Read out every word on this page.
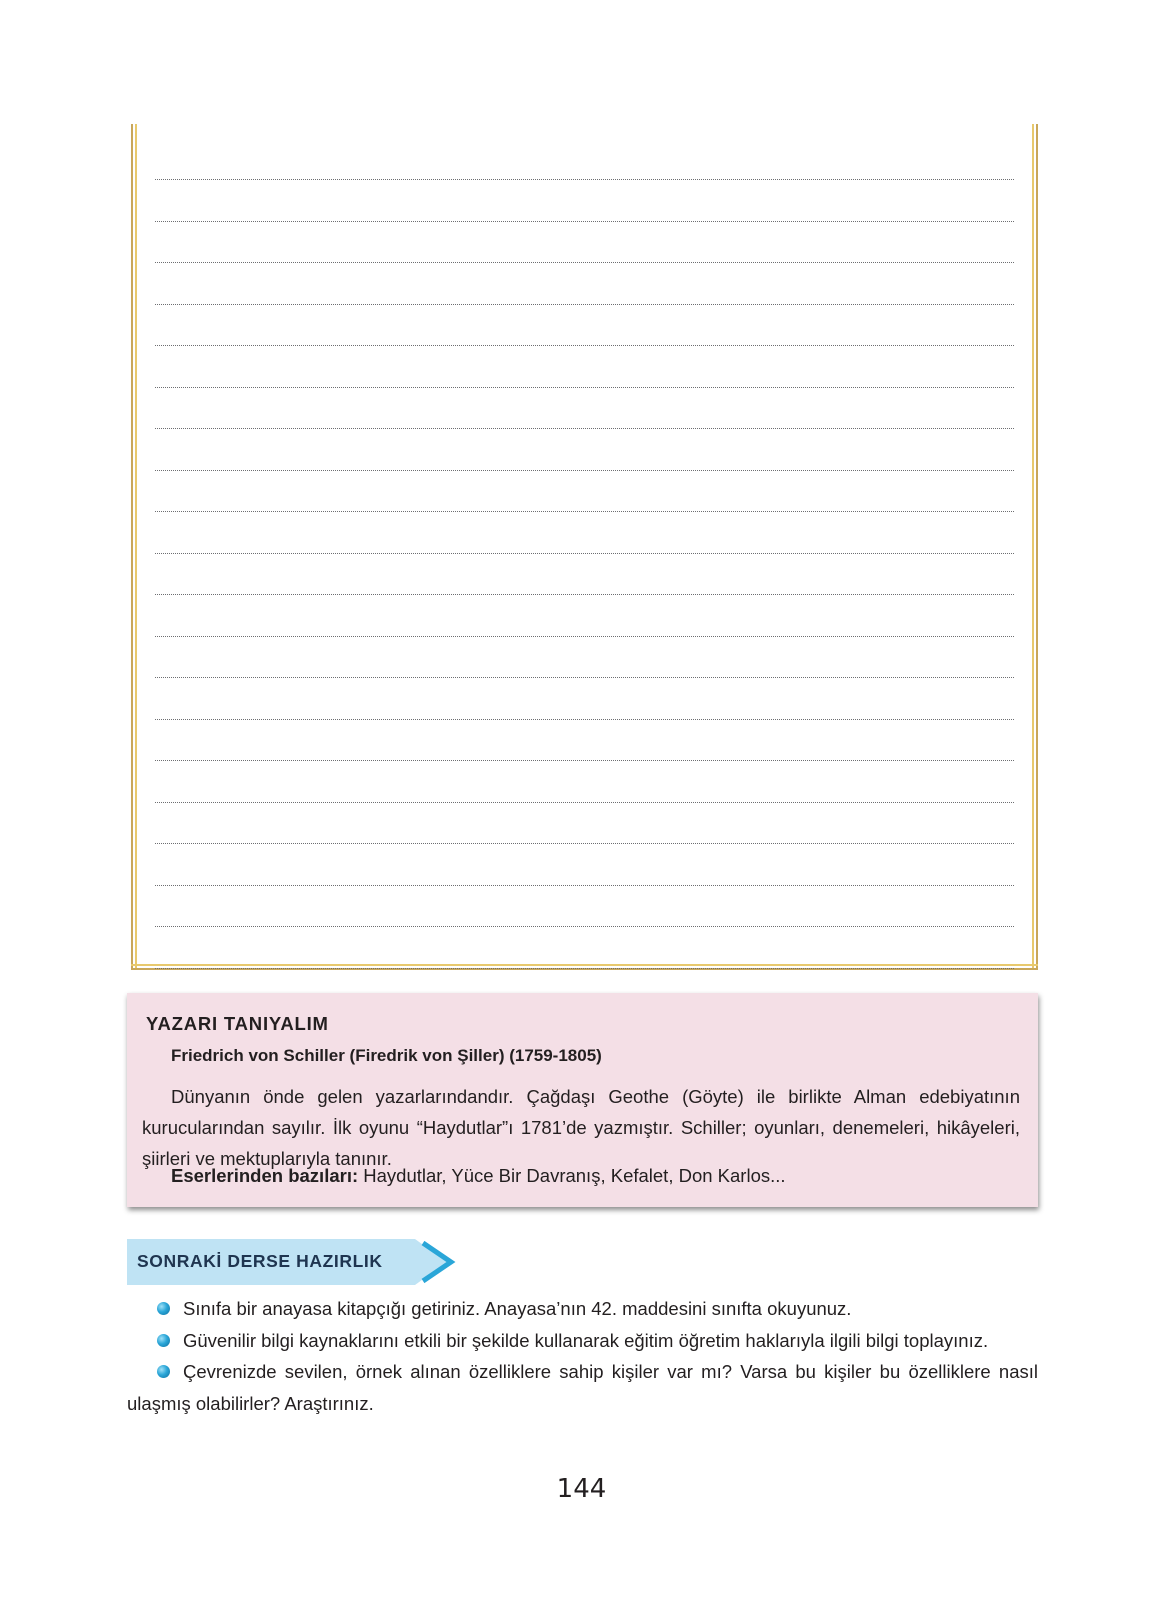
YAZARI TANIYALIM
Friedrich von Schiller (Firedrik von Şiller) (1759-1805)
Dünyanın önde gelen yazarlarındandır. Çağdaşı Geothe (Göyte) ile birlikte Alman edebiyatının kurucularından sayılır. İlk oyunu “Haydutlar”ı 1781’de yazmıştır. Schiller; oyunları, denemeleri, hikâyeleri, şiirleri ve mektuplarıyla tanınır.
Eserlerinden bazıları: Haydutlar, Yüce Bir Davranış, Kefalet, Don Karlos...
SONRAKİ DERSE HAZIRLIK
Sınıfa bir anayasa kitapçığı getiriniz. Anayasa’nın 42. maddesini sınıfta okuyunuz.
Güvenilir bilgi kaynaklarını etkili bir şekilde kullanarak eğitim öğretim haklarıyla ilgili bilgi toplayınız.
Çevrenizde sevilen, örnek alınan özelliklere sahip kişiler var mı? Varsa bu kişiler bu özelliklere nasıl ulaşmış olabilirler? Araştırınız.
144
